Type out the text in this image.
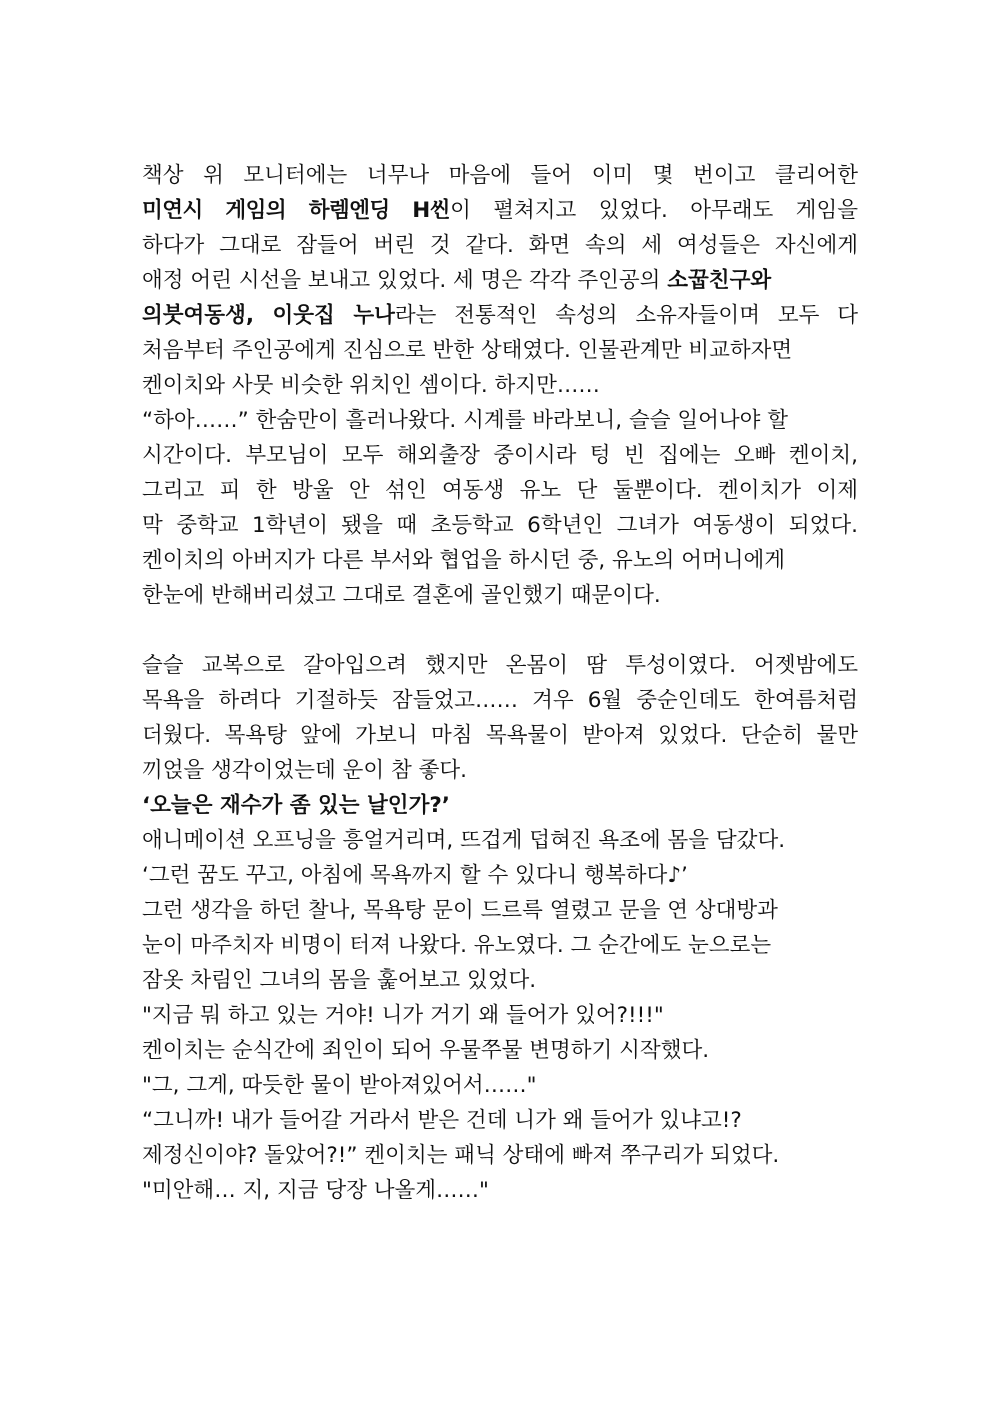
책상 위 모니터에는 너무나 마음에 들어 이미 몇 번이고 클리어한
미연시 게임의 하렘엔딩 H씬이 펼쳐지고 있었다. 아무래도 게임을
하다가 그대로 잠들어 버린 것 같다. 화면 속의 세 여성들은 자신에게
애정 어린 시선을 보내고 있었다. 세 명은 각각 주인공의 소꿉친구와
의붓여동생, 이웃집 누나라는 전통적인 속성의 소유자들이며 모두 다
처음부터 주인공에게 진심으로 반한 상태였다. 인물관계만 비교하자면
켄이치와 사뭇 비슷한 위치인 셈이다. 하지만……
“하아……” 한숨만이 흘러나왔다. 시계를 바라보니, 슬슬 일어나야 할
시간이다. 부모님이 모두 해외출장 중이시라 텅 빈 집에는 오빠 켄이치,
그리고 피 한 방울 안 섞인 여동생 유노 단 둘뿐이다. 켄이치가 이제
막 중학교 1학년이 됐을 때 초등학교 6학년인 그녀가 여동생이 되었다.
켄이치의 아버지가 다른 부서와 협업을 하시던 중, 유노의 어머니에게
한눈에 반해버리셨고 그대로 결혼에 골인했기 때문이다.
슬슬 교복으로 갈아입으려 했지만 온몸이 땀 투성이였다. 어젯밤에도
목욕을 하려다 기절하듯 잠들었고…… 겨우 6월 중순인데도 한여름처럼
더웠다. 목욕탕 앞에 가보니 마침 목욕물이 받아져 있었다. 단순히 물만
끼얹을 생각이었는데 운이 참 좋다.
‘오늘은 재수가 좀 있는 날인가?’
애니메이션 오프닝을 흥얼거리며, 뜨겁게 덥혀진 욕조에 몸을 담갔다.
‘그런 꿈도 꾸고, 아침에 목욕까지 할 수 있다니 행복하다♪’
그런 생각을 하던 찰나, 목욕탕 문이 드르륵 열렸고 문을 연 상대방과
눈이 마주치자 비명이 터져 나왔다. 유노였다. 그 순간에도 눈으로는
잠옷 차림인 그녀의 몸을 훑어보고 있었다.
"지금 뭐 하고 있는 거야! 니가 거기 왜 들어가 있어?!!!"
켄이치는 순식간에 죄인이 되어 우물쭈물 변명하기 시작했다.
"그, 그게, 따듯한 물이 받아져있어서……"
“그니까! 내가 들어갈 거라서 받은 건데 니가 왜 들어가 있냐고!?
제정신이야? 돌았어?!” 켄이치는 패닉 상태에 빠져 쭈구리가 되었다.
"미안해… 지, 지금 당장 나올게……"
